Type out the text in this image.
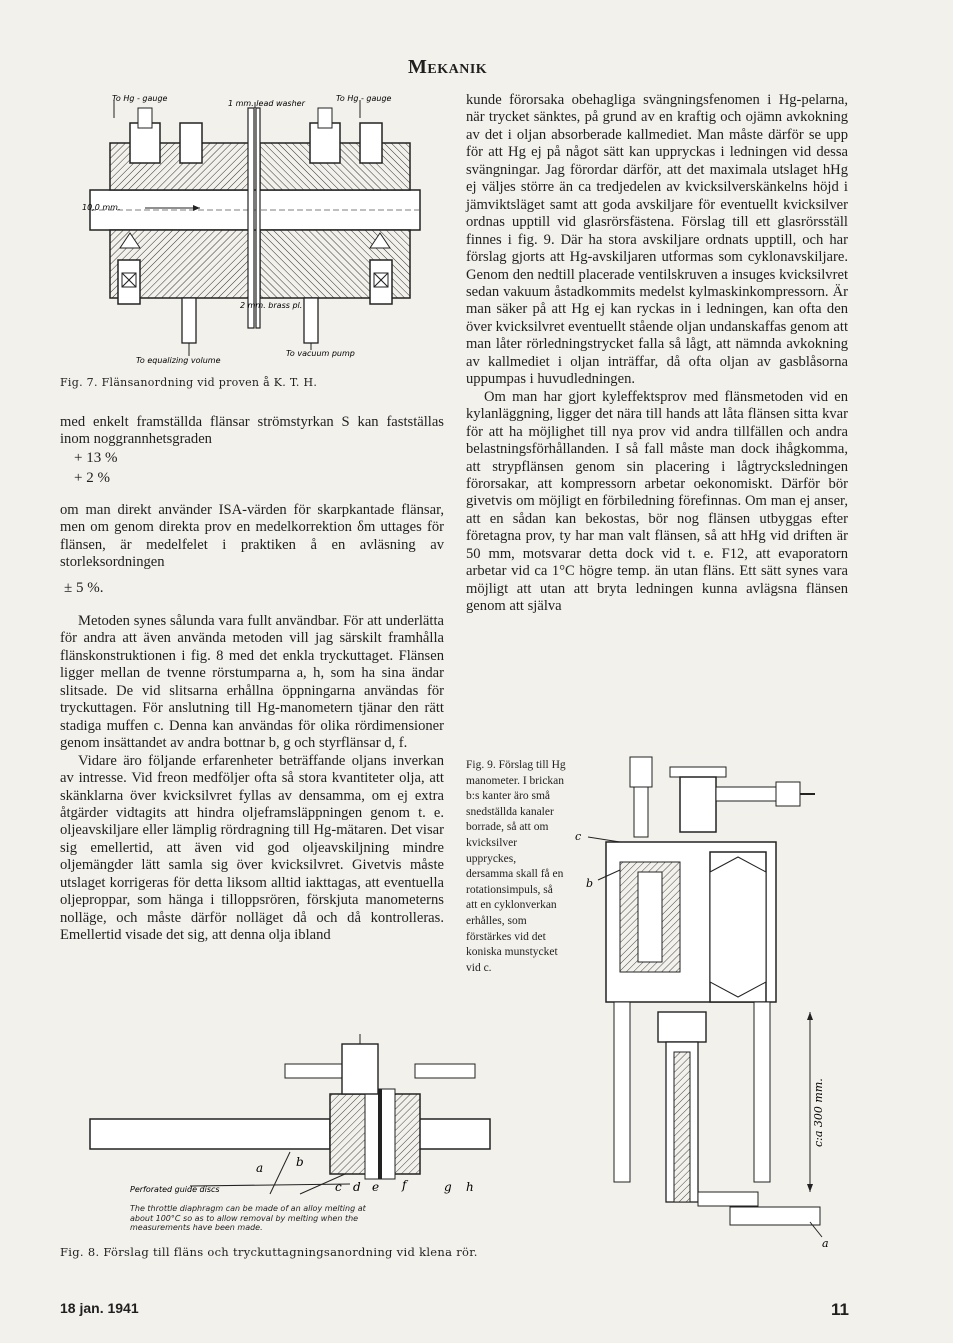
Mekanik
To Hg - gauge
1 mm. lead washer
To Hg - gauge
10,0 mm.
2 mm. brass pl.
To equalizing volume
To vacuum pump
Fig. 7. Flänsanordning vid proven å K. T. H.

med enkelt framställda flänsar strömstyrkan S kan fastställas inom noggrannhetsgraden

+ 13 %
+ 2 %

om man direkt använder ISA-värden för skarpkantade flänsar, men om genom direkta prov en medelkorrektion δm uttages för flänsen, är medelfelet i praktiken å en avläsning av storleksordningen

± 5 %.

Metoden synes sålunda vara fullt användbar. För att underlätta för andra att även använda metoden vill jag särskilt framhålla flänskonstruktionen i fig. 8 med det enkla tryckuttaget. Flänsen ligger mellan de tvenne rörstumparna a, h, som ha sina ändar slitsade. De vid slitsarna erhållna öppningarna användas för tryckuttagen. För anslutning till Hg-manometern tjänar den rätt stadiga muffen c. Denna kan användas för olika rördimensioner genom insättandet av andra bottnar b, g och styrflänsar d, f.

Vidare äro följande erfarenheter beträffande oljans inverkan av intresse. Vid freon medföljer ofta så stora kvantiteter olja, att skänklarna över kvicksilvret fyllas av densamma, om ej extra åtgärder vidtagits att hindra oljeframsläppningen genom t. e. oljeavskiljare eller lämplig rördragning till Hg-mätaren. Det visar sig emellertid, att även vid god oljeavskiljning mindre oljemängder lätt samla sig över kvicksilvret. Givetvis måste utslaget korrigeras för detta liksom alltid iakttagas, att eventuella oljeproppar, som hänga i tilloppsrören, förskjuta manometerns nolläge, och måste därför nolläget då och då kontrolleras. Emellertid visade det sig, att denna olja ibland

kunde förorsaka obehagliga svängningsfenomen i Hg-pelarna, när trycket sänktes, på grund av en kraftig och ojämn avkokning av det i oljan absorberade kallmediet. Man måste därför se upp för att Hg ej på något sätt kan uppryckas i ledningen vid dessa svängningar. Jag förordar därför, att det maximala utslaget hHg ej väljes större än ca tredjedelen av kvicksilverskänkelns höjd i jämviktsläget samt att goda avskiljare för eventuellt kvicksilver ordnas upptill vid glasrörsfästena. Förslag till ett glasrörsställ finnes i fig. 9. Där ha stora avskiljare ordnats upptill, och har förslag gjorts att Hg-avskiljaren utformas som cyklonavskiljare. Genom den nedtill placerade ventilskruven a insuges kvicksilvret sedan vakuum åstadkommits medelst kylmaskinkompressorn. Är man säker på att Hg ej kan ryckas in i ledningen, kan ofta den över kvicksilvret eventuellt stående oljan undanskaffas genom att man låter rörledningstrycket falla så lågt, att nämnda avkokning av kallmediet i oljan inträffar, då ofta oljan av gasblåsorna uppumpas i huvudledningen.

Om man har gjort kyleffektsprov med flänsmetoden vid en kylanläggning, ligger det nära till hands att låta flänsen sitta kvar för att ha möjlighet till nya prov vid andra tillfällen och andra belastningsförhållanden. I så fall måste man dock ihågkomma, att strypflänsen genom sin placering i lågtrycksledningen förorsakar, att kompressorn arbetar oekonomiskt. Därför bör givetvis om möjligt en förbiledning förefinnas. Om man ej anser, att en sådan kan bekostas, bör nog flänsen utbyggas efter företagna prov, ty har man valt flänsen, så att hHg vid driften är 50 mm, motsvarar detta dock vid t. e. F12, att evaporatorn arbetar vid ca 1°C högre temp. än utan fläns. Ett sätt synes vara möjligt att utan att bryta ledningen kunna avlägsna flänsen genom att själva

Fig. 9. Förslag till Hg manometer. I brickan b:s kanter äro små snedställda kanaler borrade, så att om kvicksilver uppryckes, dersamma skall få en rotationsimpuls, så att en cyklonverkan erhålles, som förstärkes vid det koniska munstycket vid c.

c
b
a
c:a 300 mm.
a	b
c d e f	g h
Perforated guide discs
The throttle diaphragm can be made of an alloy melting at about 100°C so as to allow removal by melting when the measurements have been made.
Fig. 8. Förslag till fläns och tryckuttagningsanordning vid klena rör.
18 jan. 1941	11
